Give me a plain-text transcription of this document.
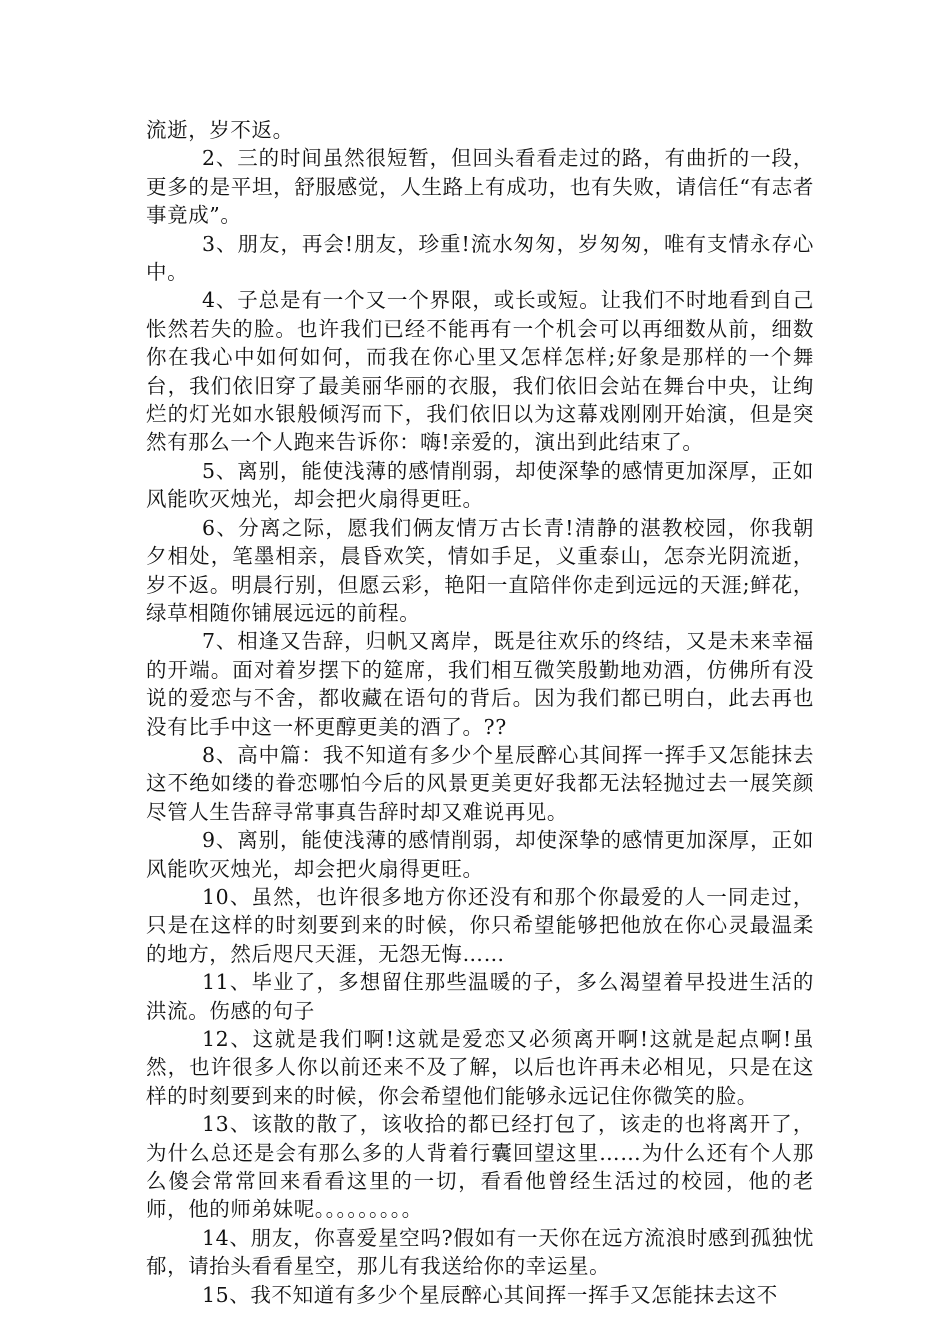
流逝，岁不返。

2、三的时间虽然很短暂，但回头看看走过的路，有曲折的一段，更多的是平坦，舒服感觉，人生路上有成功，也有失败，请信任“有志者事竟成”。

3、朋友，再会!朋友，珍重!流水匆匆，岁匆匆，唯有支情永存心中。

4、子总是有一个又一个界限，或长或短。让我们不时地看到自己怅然若失的脸。也许我们已经不能再有一个机会可以再细数从前，细数你在我心中如何如何，而我在你心里又怎样怎样;好象是那样的一个舞台，我们依旧穿了最美丽华丽的衣服，我们依旧会站在舞台中央，让绚烂的灯光如水银般倾泻而下，我们依旧以为这幕戏刚刚开始演，但是突然有那么一个人跑来告诉你：嗨!亲爱的，演出到此结束了。

5、离别，能使浅薄的感情削弱，却使深挚的感情更加深厚，正如风能吹灭烛光，却会把火扇得更旺。

6、分离之际，愿我们俩友情万古长青!清静的湛教校园，你我朝夕相处，笔墨相亲，晨昏欢笑，情如手足，义重泰山，怎奈光阴流逝，岁不返。明晨行别，但愿云彩，艳阳一直陪伴你走到远远的天涯;鲜花，绿草相随你铺展远远的前程。

7、相逢又告辞，归帆又离岸，既是往欢乐的终结，又是未来幸福的开端。面对着岁摆下的筵席，我们相互微笑殷勤地劝酒，仿佛所有没说的爱恋与不舍，都收藏在语句的背后。因为我们都已明白，此去再也没有比手中这一杯更醇更美的酒了。??

8、高中篇：我不知道有多少个星辰醉心其间挥一挥手又怎能抹去这不绝如缕的眷恋哪怕今后的风景更美更好我都无法轻抛过去一展笑颜尽管人生告辞寻常事真告辞时却又难说再见。

9、离别，能使浅薄的感情削弱，却使深挚的感情更加深厚，正如风能吹灭烛光，却会把火扇得更旺。

10、虽然，也许很多地方你还没有和那个你最爱的人一同走过，只是在这样的时刻要到来的时候，你只希望能够把他放在你心灵最温柔的地方，然后咫尺天涯，无怨无悔……

11、毕业了，多想留住那些温暖的子，多么渴望着早投进生活的洪流。伤感的句子

12、这就是我们啊!这就是爱恋又必须离开啊!这就是起点啊!虽然，也许很多人你以前还来不及了解，以后也许再未必相见，只是在这样的时刻要到来的时候，你会希望他们能够永远记住你微笑的脸。

13、该散的散了，该收拾的都已经打包了，该走的也将离开了，为什么总还是会有那么多的人背着行囊回望这里……为什么还有个人那么傻会常常回来看看这里的一切，看看他曾经生活过的校园，他的老师，他的师弟妹呢。。。。。。。。。

14、朋友，你喜爱星空吗?假如有一天你在远方流浪时感到孤独忧郁，请抬头看看星空，那儿有我送给你的幸运星。

15、我不知道有多少个星辰醉心其间挥一挥手又怎能抹去这不
